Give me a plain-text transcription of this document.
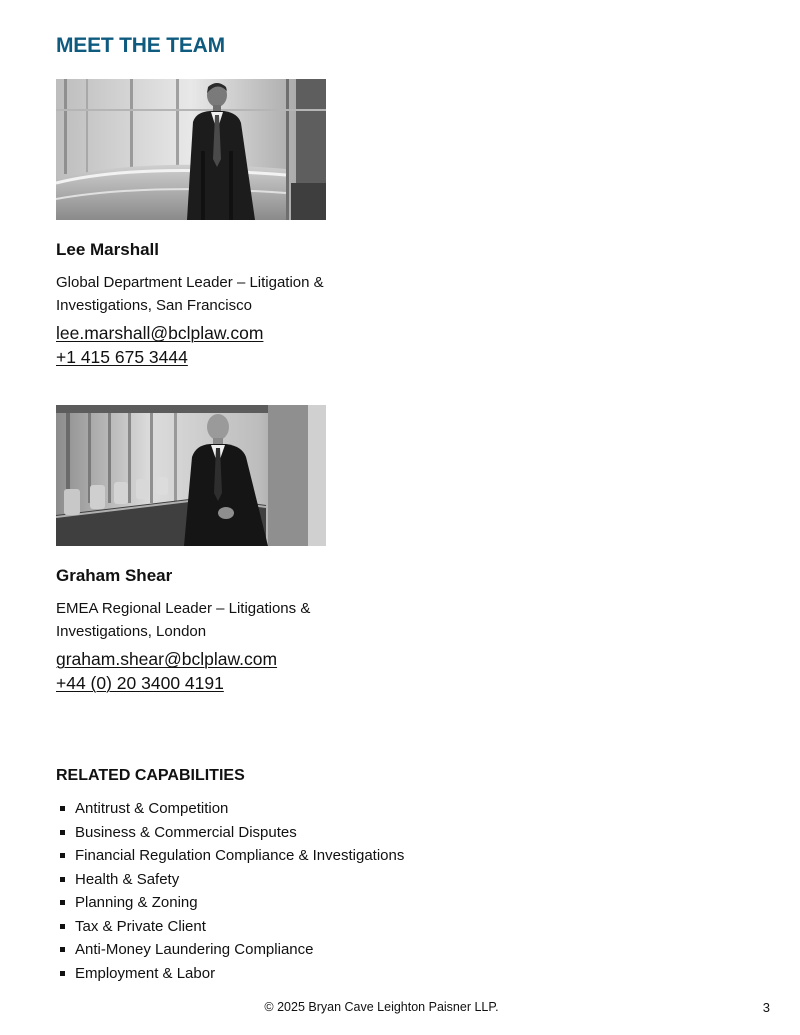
MEET THE TEAM
Lee Marshall

Global Department Leader – Litigation & Investigations, San Francisco

lee.marshall@bclplaw.com
+1 415 675 3444
Graham Shear

EMEA Regional Leader – Litigations & Investigations, London

graham.shear@bclplaw.com
+44 (0) 20 3400 4191
RELATED CAPABILITIES
Antitrust & Competition
Business & Commercial Disputes
Financial Regulation Compliance & Investigations
Health & Safety
Planning & Zoning
Tax & Private Client
Anti-Money Laundering Compliance
Employment & Labor
© 2025 Bryan Cave Leighton Paisner LLP.	3
